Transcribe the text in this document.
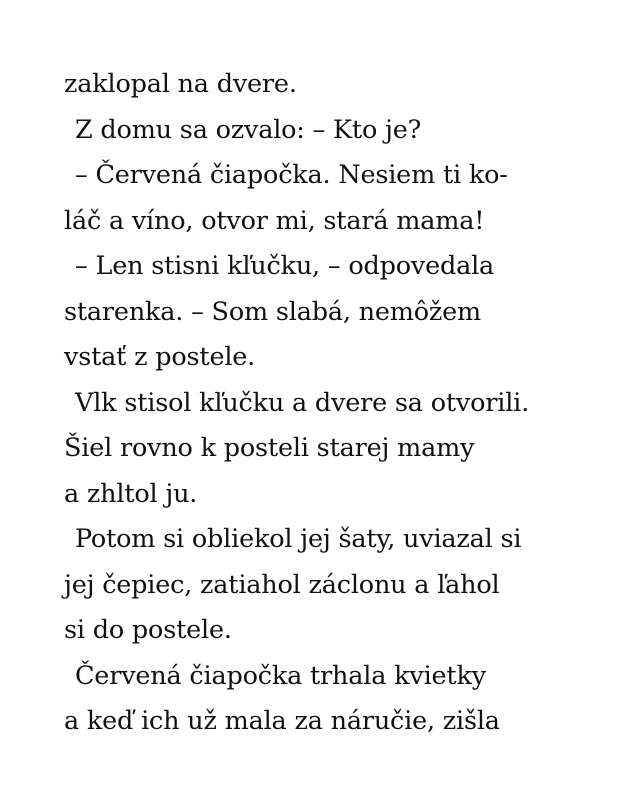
zaklopal na dvere.
Z domu sa ozvalo: – Kto je?
– Červená čiapočka. Nesiem ti ko-
láč a víno, otvor mi, stará mama!
– Len stisni kľučku, – odpovedala
starenka. – Som slabá, nemôžem
vstať z postele.
Vlk stisol kľučku a dvere sa otvorili.
Šiel rovno k posteli starej mamy
a zhltol ju.
Potom si obliekol jej šaty, uviazal si
jej čepiec, zatiahol záclonu a ľahol
si do postele.
Červená čiapočka trhala kvietky
a keď ich už mala za náručie, zišla
